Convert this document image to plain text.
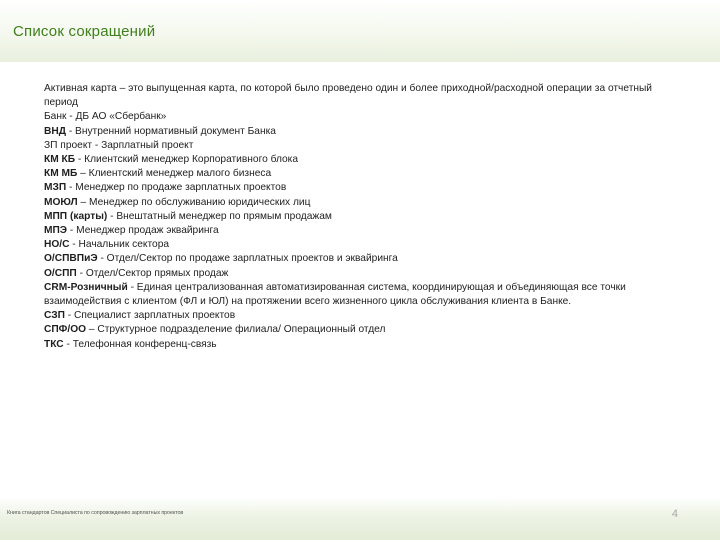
Список сокращений

Активная карта – это выпущенная карта, по которой было проведено один и более приходной/расходной операции за отчетный период

Банк - ДБ АО «Сбербанк»

ВНД - Внутренний нормативный документ Банка

ЗП проект - Зарплатный проект

КМ КБ - Клиентский менеджер Корпоративного блока

КМ МБ – Клиентский менеджер малого бизнеса

МЗП - Менеджер по продаже зарплатных проектов

МОЮЛ – Менеджер по обслуживанию юридических лиц

МПП (карты) - Внештатный менеджер по прямым продажам

МПЭ - Менеджер продаж эквайринга

НО/С - Начальник сектора

О/СПВПиЭ - Отдел/Сектор по продаже зарплатных проектов и эквайринга

О/СПП - Отдел/Сектор прямых продаж

CRM-Розничный - Единая централизованная автоматизированная система, координирующая и объединяющая все точки взаимодействия с клиентом (ФЛ и ЮЛ) на протяжении всего жизненного цикла обслуживания клиента в Банке.

СЗП - Специалист зарплатных проектов

СПФ/ОО – Структурное подразделение филиала/ Операционный отдел

ТКС - Телефонная конференц-связь

Книга стандартов Специалиста по сопровождению зарплатных проектов	4
